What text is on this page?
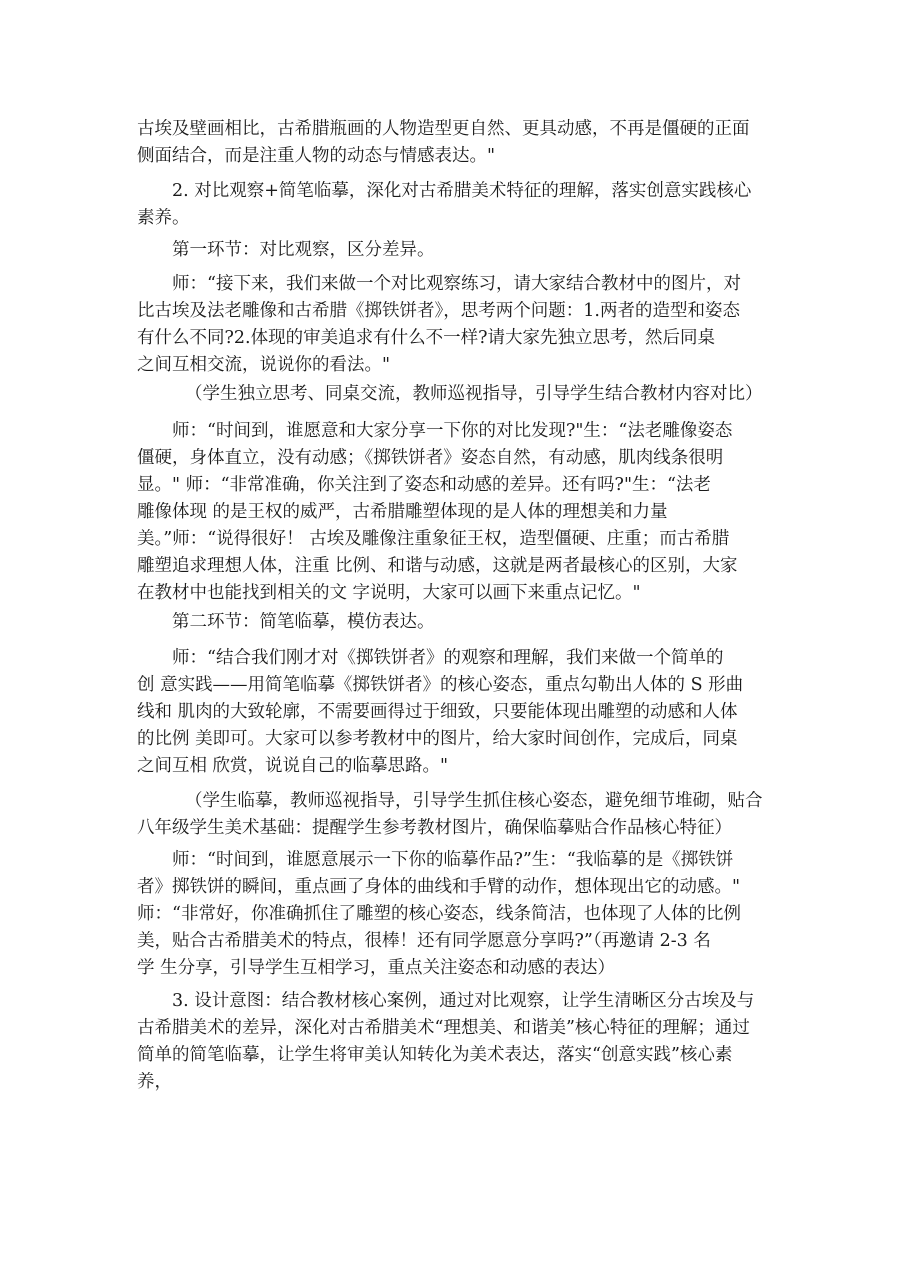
古埃及壁画相比，古希腊瓶画的人物造型更自然、更具动感，不再是僵硬的正面
侧面结合，而是注重人物的动态与情感表达。"
2. 对比观察+简笔临摹，深化对古希腊美术特征的理解，落实创意实践核心
素养。
第一环节：对比观察，区分差异。
师：“接下来，我们来做一个对比观察练习，请大家结合教材中的图片，对
比古埃及法老雕像和古希腊《掷铁饼者》，思考两个问题：1.两者的造型和姿态
有什么不同?2.体现的审美追求有什么不一样?请大家先独立思考，然后同桌
之间互相交流，说说你的看法。"
（学生独立思考、同桌交流，教师巡视指导，引导学生结合教材内容对比）
师：“时间到，谁愿意和大家分享一下你的对比发现?"生：“法老雕像姿态
僵硬，身体直立，没有动感；《掷铁饼者》姿态自然，有动感，肌肉线条很明
显。" 师：“非常准确，你关注到了姿态和动感的差异。还有吗?"生：“法老
雕像体现 的是王权的威严，古希腊雕塑体现的是人体的理想美和力量
美。”师：“说得很好！ 古埃及雕像注重象征王权，造型僵硬、庄重；而古希腊
雕塑追求理想人体，注重 比例、和谐与动感，这就是两者最核心的区别，大家
在教材中也能找到相关的文 字说明，大家可以画下来重点记忆。"
第二环节：简笔临摹，模仿表达。
师：“结合我们刚才对《掷铁饼者》的观察和理解，我们来做一个简单的
创 意实践——用简笔临摹《掷铁饼者》的核心姿态，重点勾勒出人体的 S 形曲
线和 肌肉的大致轮廓，不需要画得过于细致，只要能体现出雕塑的动感和人体
的比例 美即可。大家可以参考教材中的图片，给大家时间创作，完成后，同桌
之间互相 欣赏，说说自己的临摹思路。"
（学生临摹，教师巡视指导，引导学生抓住核心姿态，避免细节堆砌，贴合
八年级学生美术基础：提醒学生参考教材图片，确保临摹贴合作品核心特征）
师：“时间到，谁愿意展示一下你的临摹作品?”生：“我临摹的是《掷铁饼
者》掷铁饼的瞬间，重点画了身体的曲线和手臂的动作，想体现出它的动感。"
师：“非常好，你准确抓住了雕塑的核心姿态，线条简洁，也体现了人体的比例
美，贴合古希腊美术的特点，很棒！还有同学愿意分享吗?”（再邀请 2-3 名
学 生分享，引导学生互相学习，重点关注姿态和动感的表达）
3. 设计意图：结合教材核心案例，通过对比观察，让学生清晰区分古埃及与
古希腊美术的差异，深化对古希腊美术“理想美、和谐美”核心特征的理解；通过
简单的简笔临摹，让学生将审美认知转化为美术表达，落实“创意实践”核心素
养，
